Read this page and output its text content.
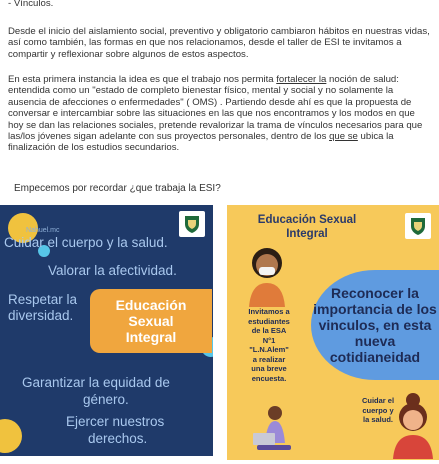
- Vínculos.
Desde el inicio del aislamiento social, preventivo y obligatorio cambiaron hábitos en nuestras vidas, así como también, las formas en que nos relacionamos, desde el taller de ESI te invitamos a compartir y reflexionar sobre algunos de estos aspectos.
En esta primera instancia la idea es que el trabajo nos permita fortalecer la noción de salud: entendida como un "estado de completo bienestar físico, mental y social y no solamente la ausencia de afecciones o enfermedades" ( OMS) . Partiendo desde ahí es que la propuesta de conversar e intercambiar sobre las situaciones en las que nos encontramos y los modos en que hoy se dan las relaciones sociales, pretende revalorizar la trama de vínculos necesarios para que las/los jóvenes sigan adelante con sus proyectos personales, dentro de los que se ubica la finalización de los estudios secundarios.
Empecemos por recordar ¿que trabaja la ESI?
Nahuel.mc
Cuidar el cuerpo y la salud.
Valorar la afectividad.
Respetar la
diversidad.
Educación
Sexual
Integral
Garantizar la equidad de
género.
Ejercer nuestros
derechos.
Educación Sexual
Integral
Reconocer la importancia de los vinculos, en esta nueva cotidianeidad
Invitamos a
estudiantes
de la ESA
N°1
"L.N.Alem"
a realizar
una breve
encuesta.
Cuidar el
cuerpo y
la salud.
